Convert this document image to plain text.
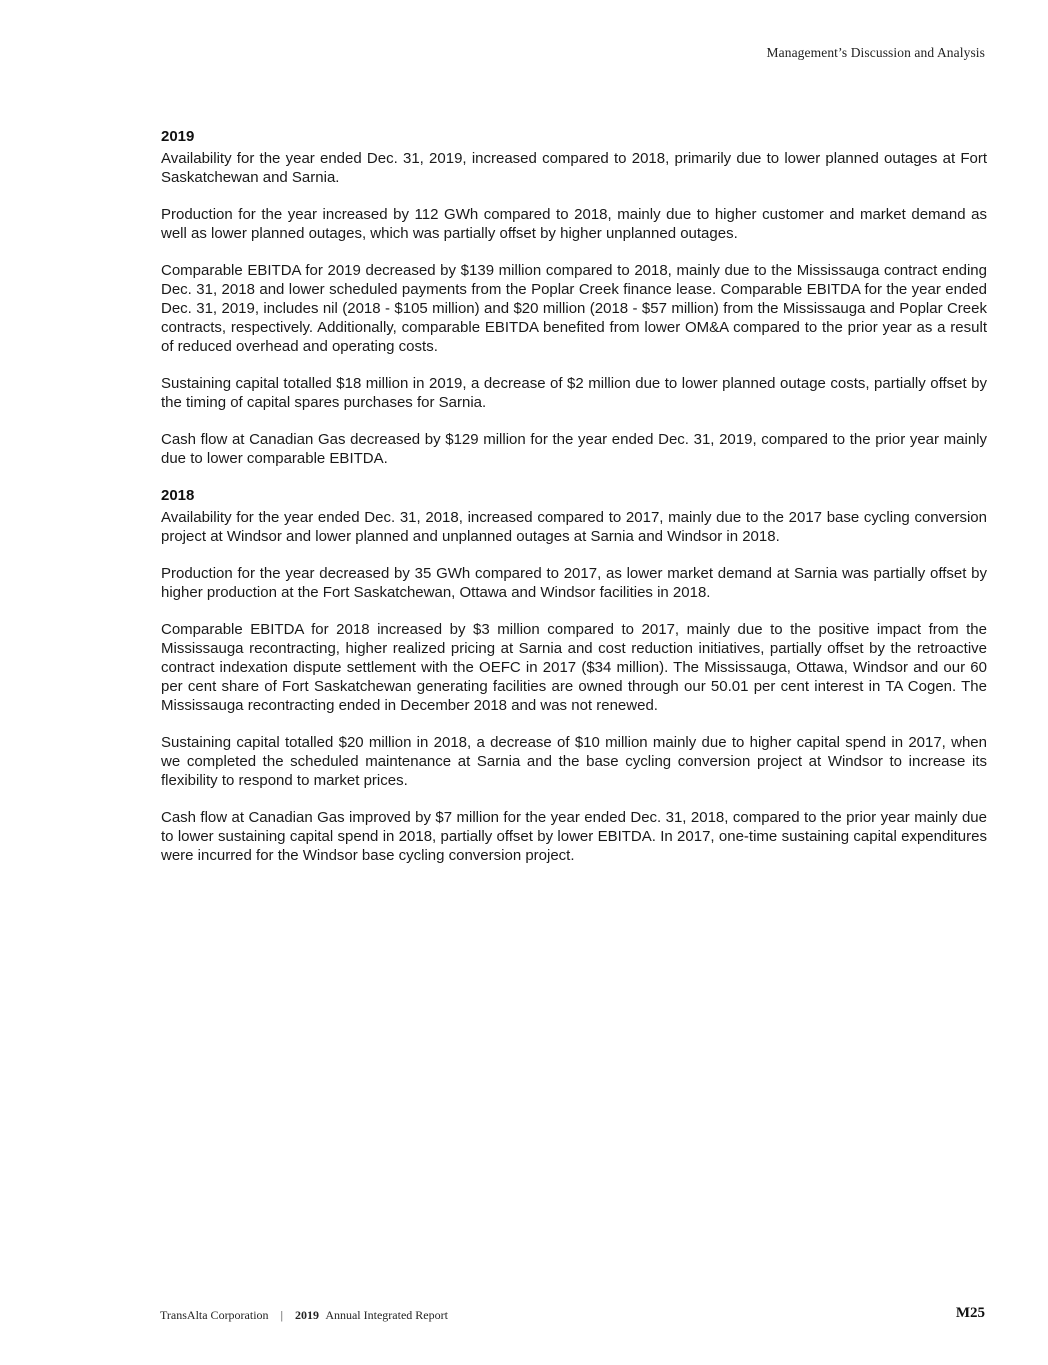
Management’s Discussion and Analysis
2019

Availability for the year ended Dec. 31, 2019, increased compared to 2018, primarily due to lower planned outages at Fort Saskatchewan and Sarnia.

Production for the year increased by 112 GWh compared to 2018, mainly due to higher customer and market demand as well as lower planned outages, which was partially offset by higher unplanned outages.

Comparable EBITDA for 2019 decreased by $139 million compared to 2018, mainly due to the Mississauga contract ending Dec. 31, 2018 and lower scheduled payments from the Poplar Creek finance lease. Comparable EBITDA for the year ended Dec. 31, 2019, includes nil (2018 - $105 million) and $20 million (2018 - $57 million) from the Mississauga and Poplar Creek contracts, respectively. Additionally, comparable EBITDA benefited from lower OM&A compared to the prior year as a result of reduced overhead and operating costs.

Sustaining capital totalled $18 million in 2019, a decrease of $2 million due to lower planned outage costs, partially offset by the timing of capital spares purchases for Sarnia.

Cash flow at Canadian Gas decreased by $129 million for the year ended Dec. 31, 2019, compared to the prior year mainly due to lower comparable EBITDA.

2018

Availability for the year ended Dec. 31, 2018, increased compared to 2017, mainly due to the 2017 base cycling conversion project at Windsor and lower planned and unplanned outages at Sarnia and Windsor in 2018.

Production for the year decreased by 35 GWh compared to 2017, as lower market demand at Sarnia was partially offset by higher production at the Fort Saskatchewan, Ottawa and Windsor facilities in 2018.

Comparable EBITDA for 2018 increased by $3 million compared to 2017, mainly due to the positive impact from the Mississauga recontracting, higher realized pricing at Sarnia and cost reduction initiatives, partially offset by the retroactive contract indexation dispute settlement with the OEFC in 2017 ($34 million). The Mississauga, Ottawa, Windsor and our 60 per cent share of Fort Saskatchewan generating facilities are owned through our 50.01 per cent interest in TA Cogen. The Mississauga recontracting ended in December 2018 and was not renewed.

Sustaining capital totalled $20 million in 2018, a decrease of $10 million mainly due to higher capital spend in 2017, when we completed the scheduled maintenance at Sarnia and the base cycling conversion project at Windsor to increase its flexibility to respond to market prices.

Cash flow at Canadian Gas improved by $7 million for the year ended Dec. 31, 2018, compared to the prior year mainly due to lower sustaining capital spend in 2018, partially offset by lower EBITDA. In 2017, one-time sustaining capital expenditures were incurred for the Windsor base cycling conversion project.

TransAlta Corporation | 2019 Annual Integrated Report	M25
